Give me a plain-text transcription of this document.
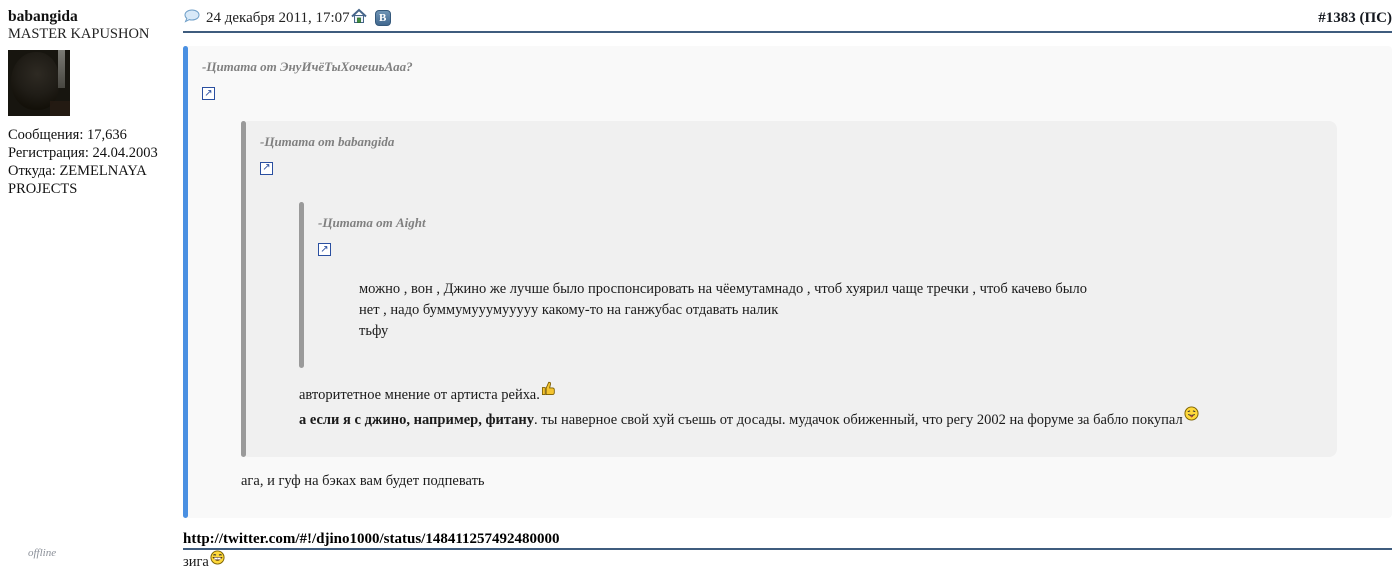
babangida
MASTER KAPUSHON
Сообщения: 17,636
Регистрация: 24.04.2003
Откуда: ZEMELNAYA PROJECTS
24 декабря 2011, 17:07	В	#1383 (ПС)
-Цитата от ЭнуИчёТыХочешьАаа?
↗
-Цитата от babangida
↗
-Цитата от Aight
↗
можно , вон , Джино же лучше было проспонсировать на чёемутамнадо , чтоб хуярил чаще тречки , чтоб качево было
нет , надо буммумууумууууу какому-то на ганжубас отдавать налик
тьфу
авторитетное мнение от артиста рейха.
а если я с джино, например, фитану. ты наверное свой хуй съешь от досады. мудачок обиженный, что регу 2002 на форуме за бабло покупал
ага, и гуф на бэках вам будет подпевать
http://twitter.com/#!/djino1000/status/148411257492480000
зига
offline
